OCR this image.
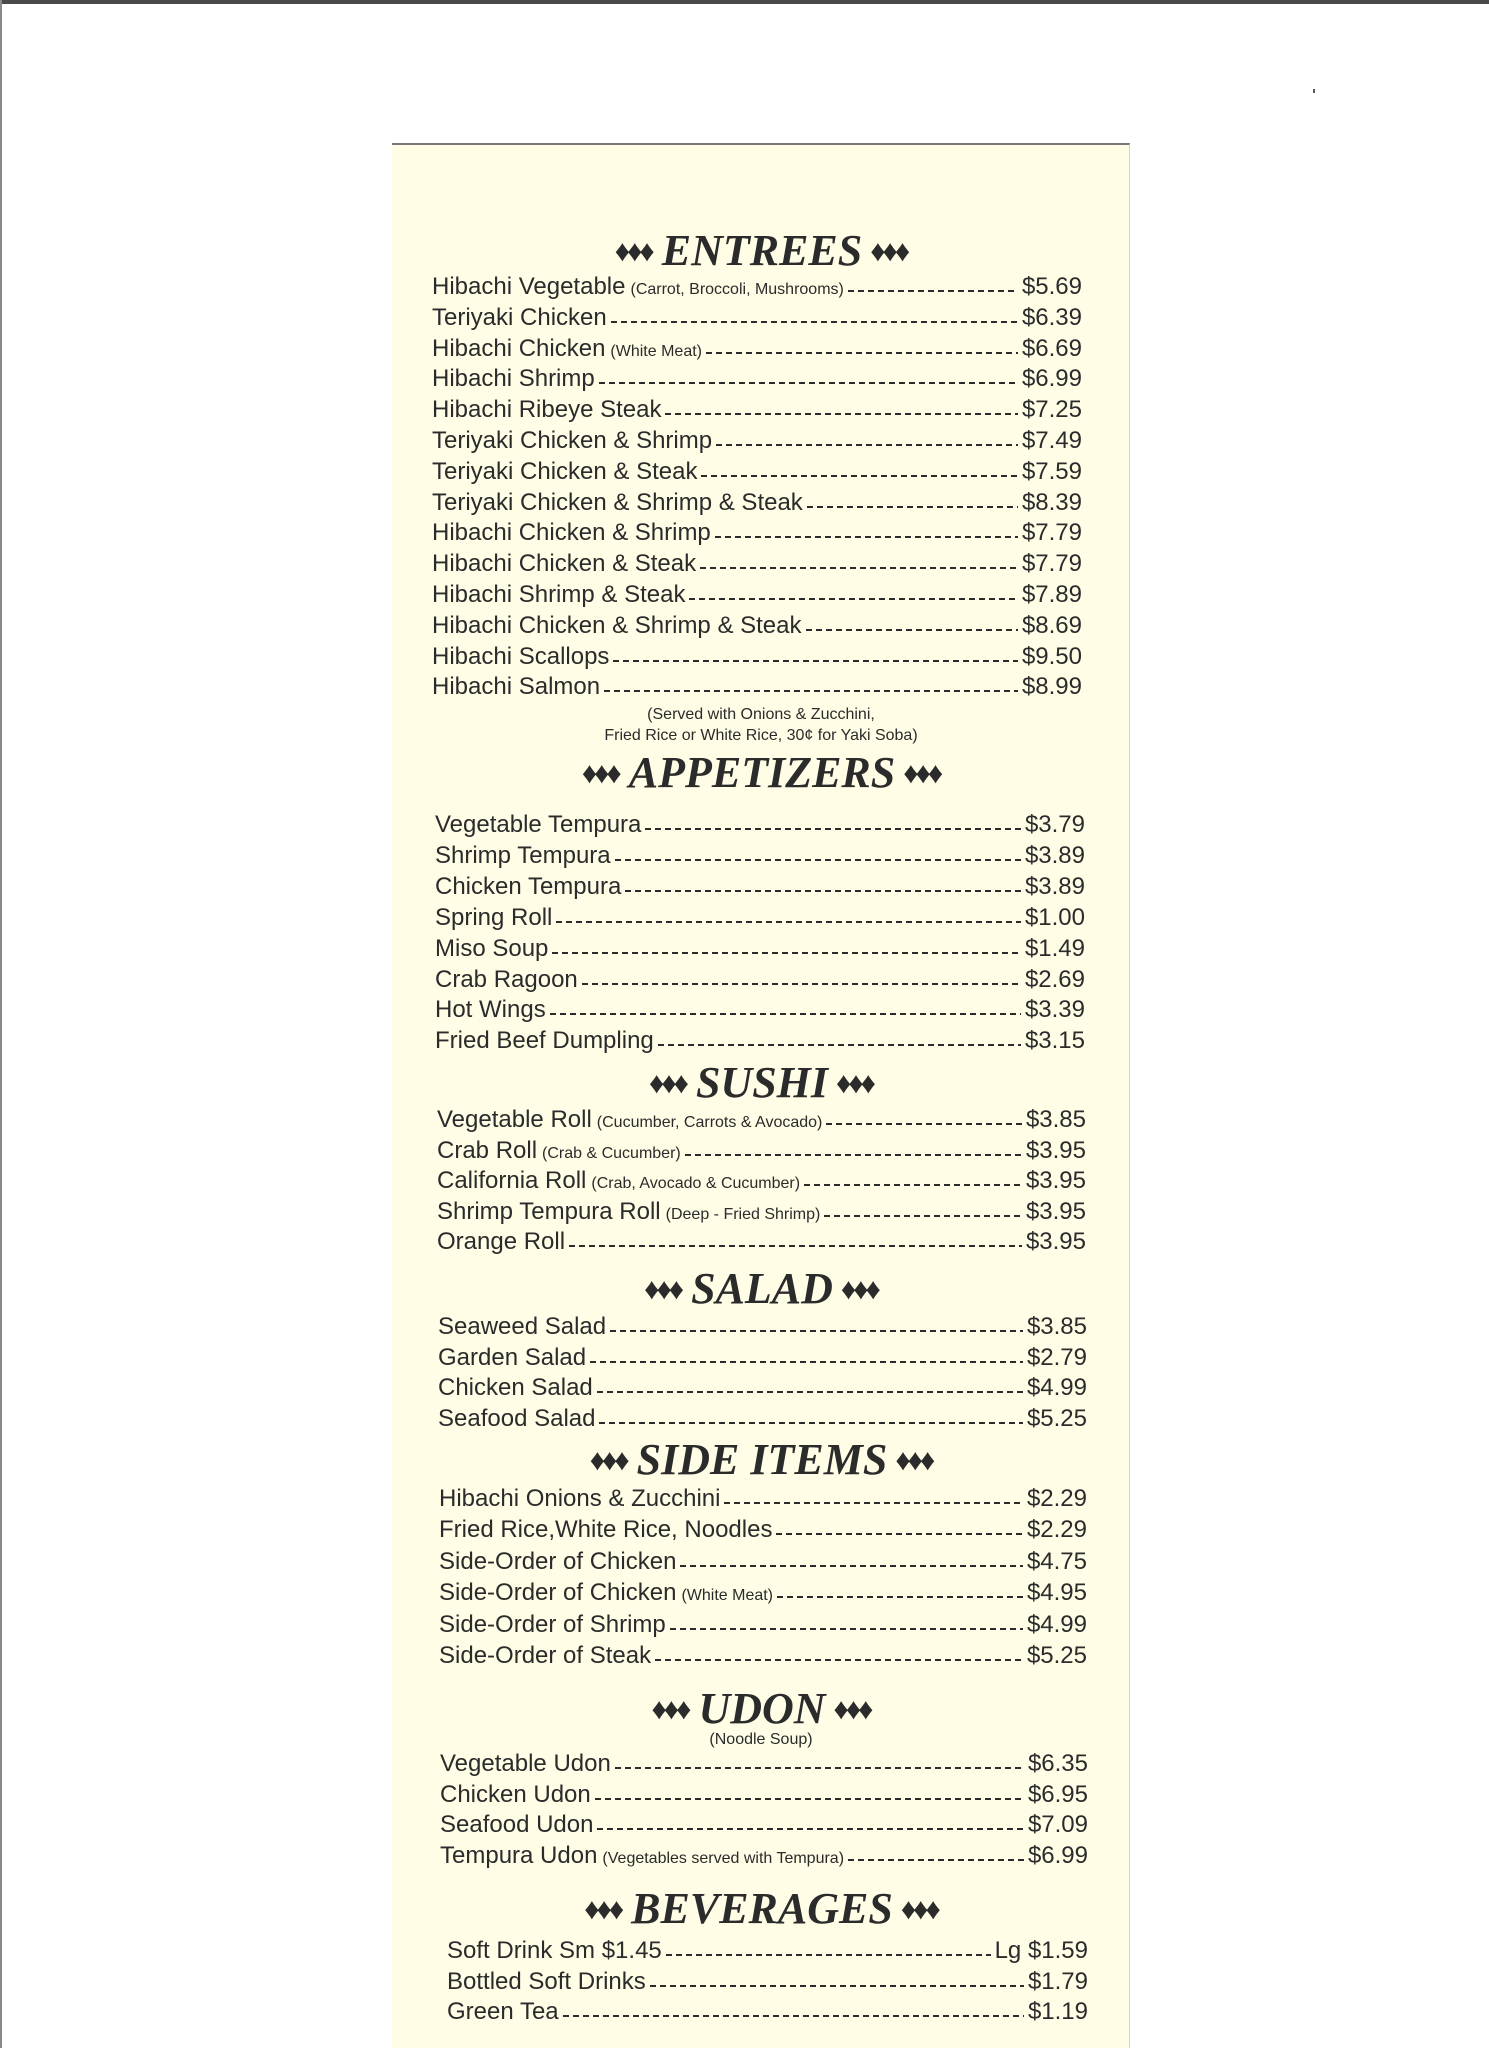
♦♦♦ ENTREES ♦♦♦
Hibachi Vegetable (Carrot, Broccoli, Mushrooms)	$5.69
Teriyaki Chicken	$6.39
Hibachi Chicken (White Meat)	$6.69
Hibachi Shrimp	$6.99
Hibachi Ribeye Steak	$7.25
Teriyaki Chicken & Shrimp	$7.49
Teriyaki Chicken & Steak	$7.59
Teriyaki Chicken & Shrimp & Steak	$8.39
Hibachi Chicken & Shrimp	$7.79
Hibachi Chicken & Steak	$7.79
Hibachi Shrimp & Steak	$7.89
Hibachi Chicken & Shrimp & Steak	$8.69
Hibachi Scallops	$9.50
Hibachi Salmon	$8.99
(Served with Onions & Zucchini,
Fried Rice or White Rice, 30¢ for Yaki Soba)
♦♦♦ APPETIZERS ♦♦♦
Vegetable Tempura	$3.79
Shrimp Tempura	$3.89
Chicken Tempura	$3.89
Spring Roll	$1.00
Miso Soup	$1.49
Crab Ragoon	$2.69
Hot Wings	$3.39
Fried Beef Dumpling	$3.15
♦♦♦ SUSHI ♦♦♦
Vegetable Roll (Cucumber, Carrots & Avocado)	$3.85
Crab Roll (Crab & Cucumber)	$3.95
California Roll (Crab, Avocado & Cucumber)	$3.95
Shrimp Tempura Roll (Deep - Fried Shrimp)	$3.95
Orange Roll	$3.95
♦♦♦ SALAD ♦♦♦
Seaweed Salad	$3.85
Garden Salad	$2.79
Chicken Salad	$4.99
Seafood Salad	$5.25
♦♦♦ SIDE ITEMS ♦♦♦
Hibachi Onions & Zucchini	$2.29
Fried Rice,White Rice, Noodles	$2.29
Side-Order of Chicken	$4.75
Side-Order of Chicken (White Meat)	$4.95
Side-Order of Shrimp	$4.99
Side-Order of Steak	$5.25
♦♦♦ UDON ♦♦♦
(Noodle Soup)
Vegetable Udon	$6.35
Chicken Udon	$6.95
Seafood Udon	$7.09
Tempura Udon (Vegetables served with Tempura)	$6.99
♦♦♦ BEVERAGES ♦♦♦
Soft Drink Sm $1.45	Lg $1.59
Bottled Soft Drinks	$1.79
Green Tea	$1.19
